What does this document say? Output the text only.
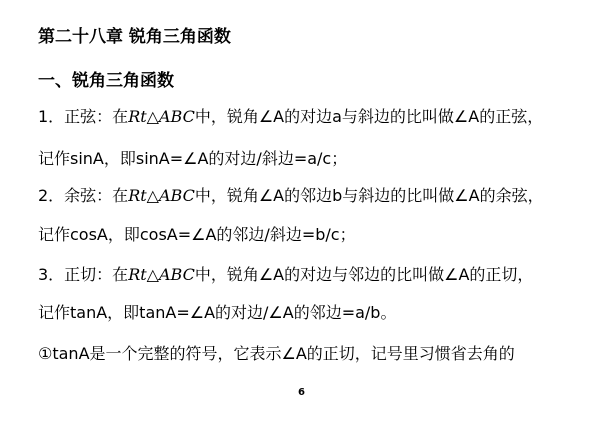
第二十八章 锐角三角函数
一、锐角三角函数
1．正弦：在Rt△ABC中，锐角∠A的对边a与斜边的比叫做∠A的正弦，
记作sinA，即sinA=∠A的对边/斜边=a/c；
2．余弦：在Rt△ABC中，锐角∠A的邻边b与斜边的比叫做∠A的余弦，
记作cosA，即cosA=∠A的邻边/斜边=b/c；
3．正切：在Rt△ABC中，锐角∠A的对边与邻边的比叫做∠A的正切，
记作tanA，即tanA=∠A的对边/∠A的邻边=a/b。
①tanA是一个完整的符号，它表示∠A的正切，记号里习惯省去角的
6
